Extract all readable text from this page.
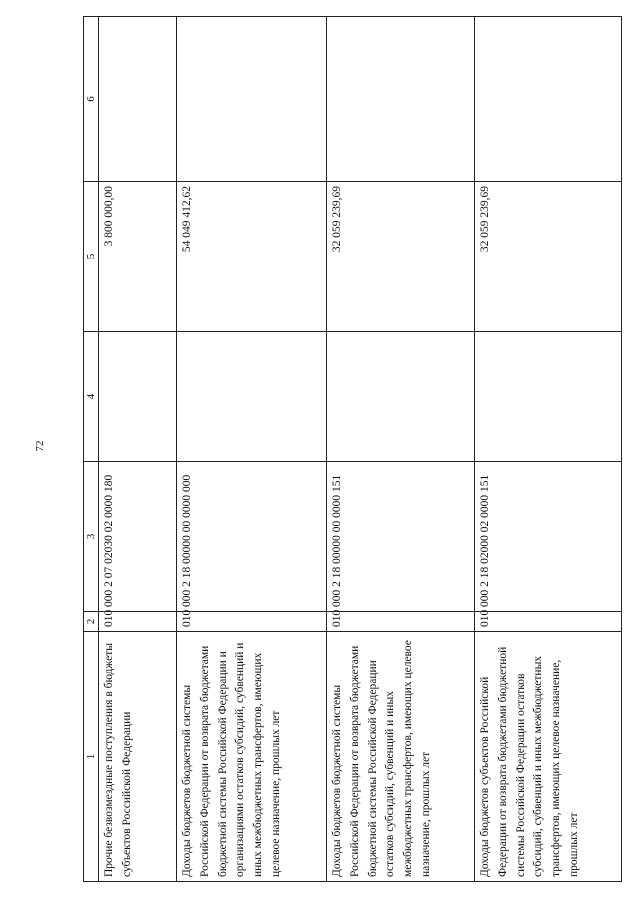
72
1	2	3	4	5	6
Прочие безвозмездные поступления в бюджеты субъектов Российской Федерации	010	000 2 07 02030 02 0000 180		3 800 000,00	
Доходы бюджетов бюджетной системы Российской Федерации от возврата бюджетами бюджетной системы Российской Федерации и организациями остатков субсидий, субвенций и иных межбюджетных трансфертов, имеющих целевое назначение, прошлых лет	010	000 2 18 00000 00 0000 000		54 049 412,62	
Доходы бюджетов бюджетной системы Российской Федерации от возврата бюджетами бюджетной системы Российской Федерации остатков субсидий, субвенций и иных межбюджетных трансфертов, имеющих целевое назначение, прошлых лет	010	000 2 18 00000 00 0000 151		32 059 239,69	
Доходы бюджетов субъектов Российской Федерации от возврата бюджетами бюджетной системы Российской Федерации остатков субсидий, субвенций и иных межбюджетных трансфертов, имеющих целевое назначение, прошлых лет	010	000 2 18 02000 02 0000 151		32 059 239,69	
